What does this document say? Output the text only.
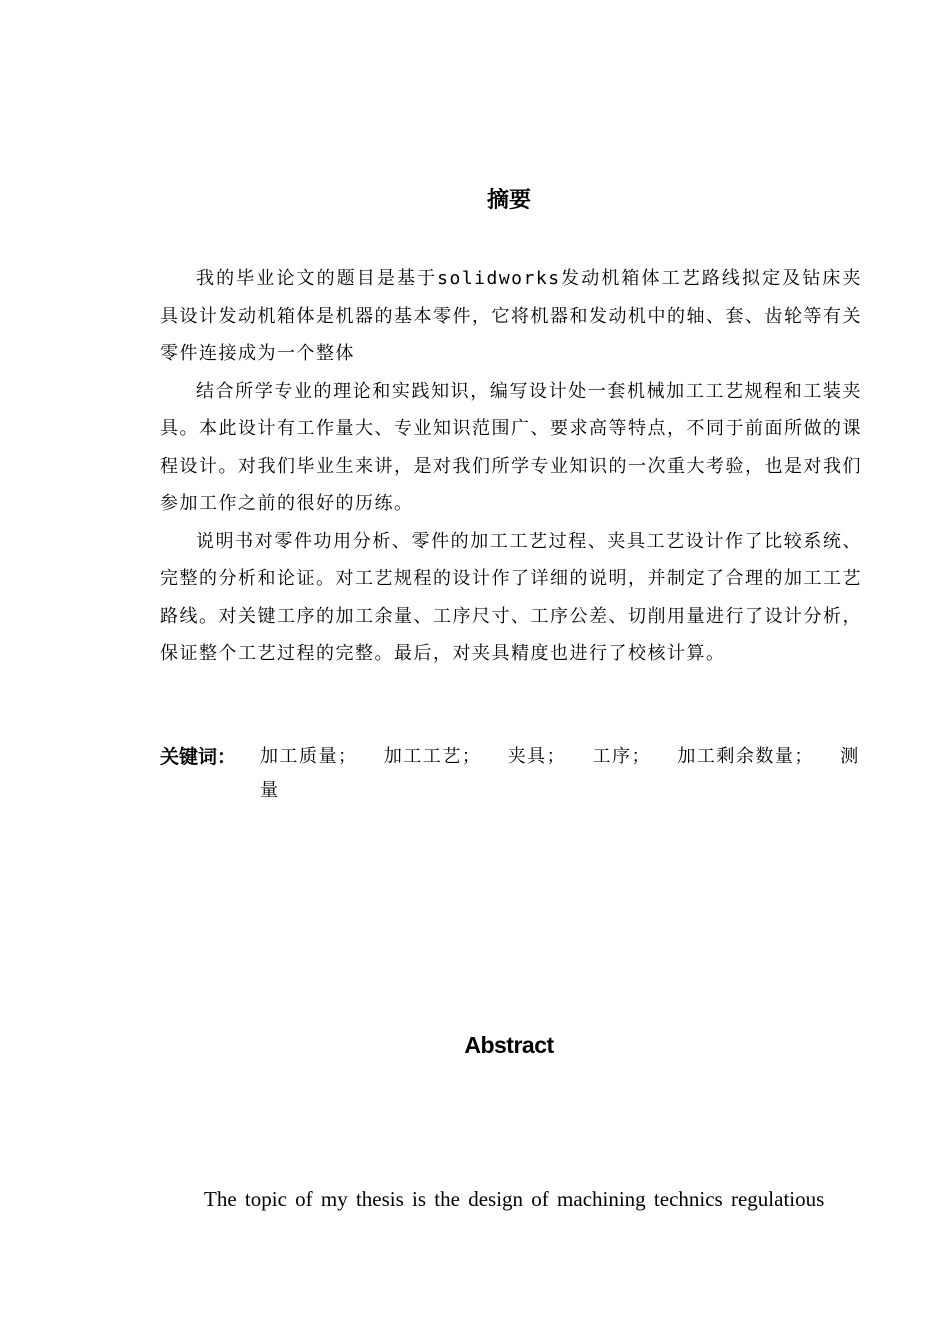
摘要

我的毕业论文的题目是基于solidworks发动机箱体工艺路线拟定及钻床夹具设计发动机箱体是机器的基本零件，它将机器和发动机中的轴、套、齿轮等有关零件连接成为一个整体

结合所学专业的理论和实践知识，编写设计处一套机械加工工艺规程和工装夹具。本此设计有工作量大、专业知识范围广、要求高等特点，不同于前面所做的课程设计。对我们毕业生来讲，是对我们所学专业知识的一次重大考验，也是对我们参加工作之前的很好的历练。

说明书对零件功用分析、零件的加工工艺过程、夹具工艺设计作了比较系统、完整的分析和论证。对工艺规程的设计作了详细的说明，并制定了合理的加工工艺路线。对关键工序的加工余量、工序尺寸、工序公差、切削用量进行了设计分析，保证整个工艺过程的完整。最后，对夹具精度也进行了校核计算。

关键词：	加工质量； 加工工艺； 夹具； 工序； 加工剩余数量； 测量
Abstract

The topic of my thesis is the design of machining technics regulatious
